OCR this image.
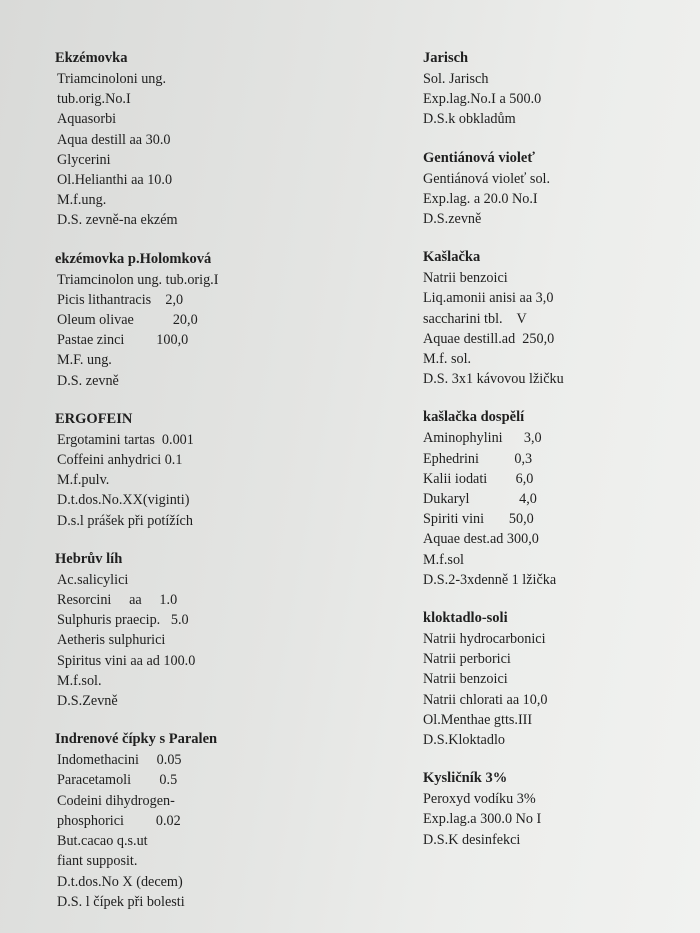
Ekzémovka
Triamcinoloni ung.
tub.orig.No.I
Aquasorbi
Aqua destill aa 30.0
Glycerini
Ol.Helianthi aa 10.0
M.f.ung.
D.S. zevně-na ekzém
ekzémovka p.Holomková
Triamcinolon ung. tub.orig.I
Picis lithantracis    2,0
Oleum olivae           20,0
Pastae zinci         100,0
M.F. ung.
D.S. zevně
ERGOFEIN
Ergotamini tartas  0.001
Coffeini anhydrici 0.1
M.f.pulv.
D.t.dos.No.XX(viginti)
D.s.l prášek při potížích
Hebrův líh
Ac.salicylici
Resorcini     aa     1.0
Sulphuris praecip.   5.0
Aetheris sulphurici
Spiritus vini aa ad 100.0
M.f.sol.
D.S.Zevně
Indrenové čípky s Paralen
Indomethacini     0.05
Paracetamoli        0.5
Codeini dihydrogen-
phosphorici         0.02
But.cacao q.s.ut
fiant supposit.
D.t.dos.No X (decem)
D.S. l čípek při bolesti
Jarisch
Sol. Jarisch
Exp.lag.No.I a 500.0
D.S.k obkladům
Gentiánová violeť
Gentiánová violeť sol.
Exp.lag. a 20.0 No.I
D.S.zevně
Kašlačka
Natrii benzoici
Liq.amonii anisi aa 3,0
saccharini tbl.    V
Aquae destill.ad  250,0
M.f. sol.
D.S. 3x1 kávovou lžičku
kašlačka dospělí
Aminophylini      3,0
Ephedrini          0,3
Kalii iodati        6,0
Dukaryl              4,0
Spiriti vini       50,0
Aquae dest.ad 300,0
M.f.sol
D.S.2-3xdenně 1 lžička
kloktadlo-soli
Natrii hydrocarbonici
Natrii perborici
Natrii benzoici
Natrii chlorati aa 10,0
Ol.Menthae gtts.III
D.S.Kloktadlo
Kysličník 3%
Peroxyd vodíku 3%
Exp.lag.a 300.0 No I
D.S.K desinfekci
